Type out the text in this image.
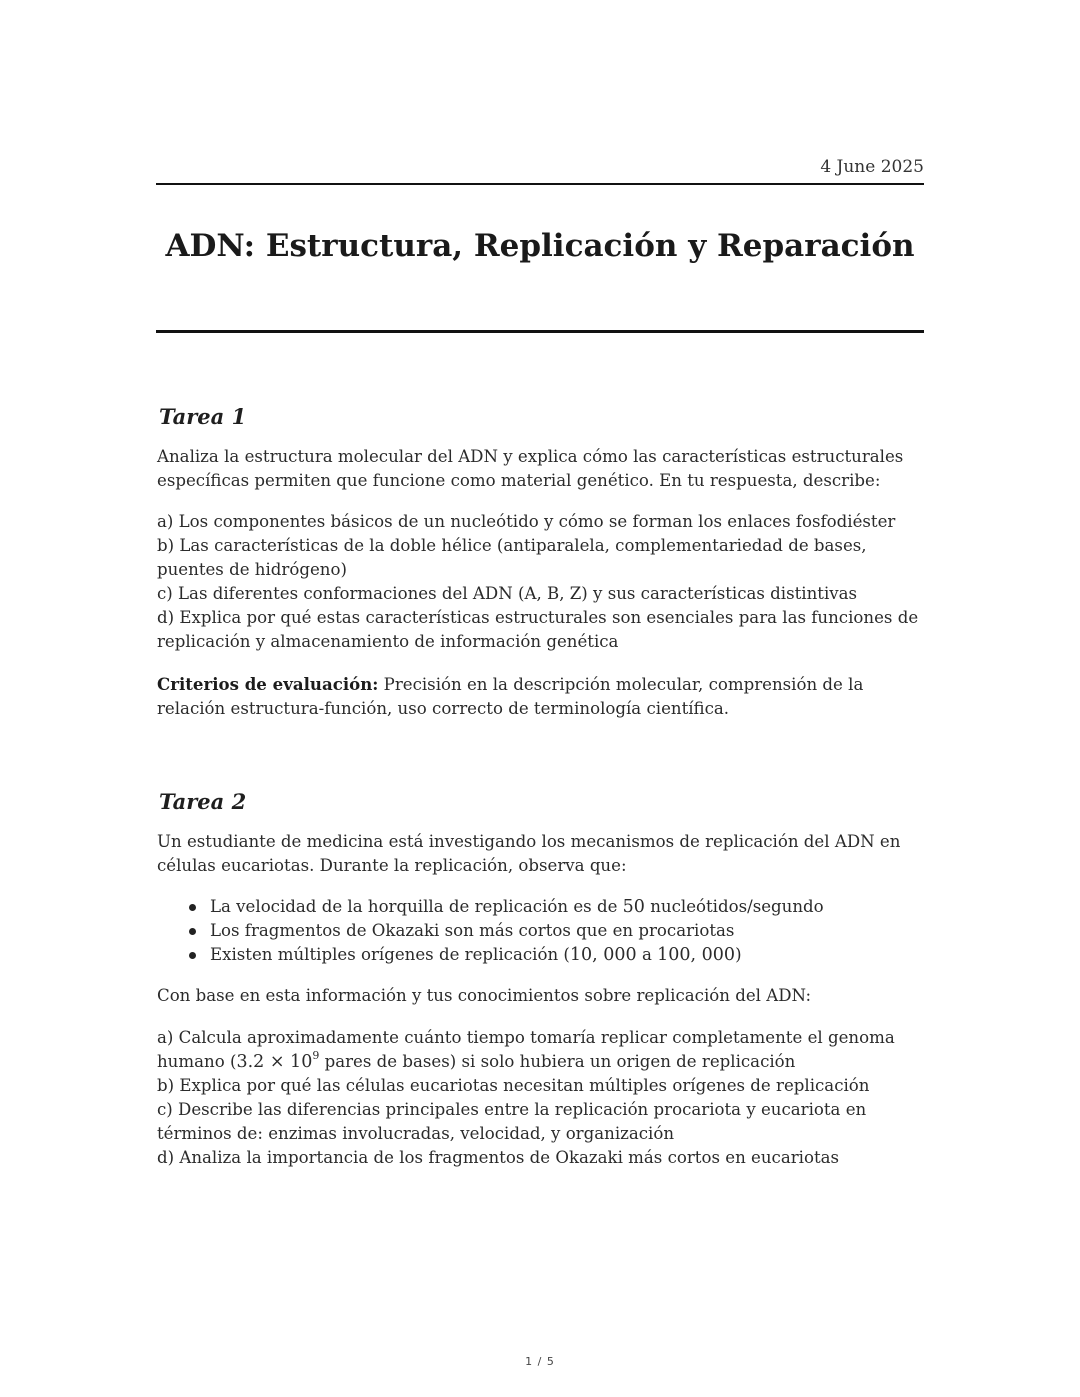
4 June 2025
ADN: Estructura, Replicación y Reparación
Tarea 1
Analiza la estructura molecular del ADN y explica cómo las características estructurales
específicas permiten que funcione como material genético. En tu respuesta, describe:
a) Los componentes básicos de un nucleótido y cómo se forman los enlaces fosfodiéster
b) Las características de la doble hélice (antiparalela, complementariedad de bases,
puentes de hidrógeno)
c) Las diferentes conformaciones del ADN (A, B, Z) y sus características distintivas
d) Explica por qué estas características estructurales son esenciales para las funciones de
replicación y almacenamiento de información genética
Criterios de evaluación: Precisión en la descripción molecular, comprensión de la
relación estructura-función, uso correcto de terminología científica.
Tarea 2
Un estudiante de medicina está investigando los mecanismos de replicación del ADN en
células eucariotas. Durante la replicación, observa que:
La velocidad de la horquilla de replicación es de 50 nucleótidos/segundo
Los fragmentos de Okazaki son más cortos que en procariotas
Existen múltiples orígenes de replicación (10, 000 a 100, 000)
Con base en esta información y tus conocimientos sobre replicación del ADN:
a) Calcula aproximadamente cuánto tiempo tomaría replicar completamente el genoma
humano ($3.2 \times 10^9$ pares de bases) si solo hubiera un origen de replicación
b) Explica por qué las células eucariotas necesitan múltiples orígenes de replicación
c) Describe las diferencias principales entre la replicación procariota y eucariota en
términos de: enzimas involucradas, velocidad, y organización
d) Analiza la importancia de los fragmentos de Okazaki más cortos en eucariotas
1 / 5
